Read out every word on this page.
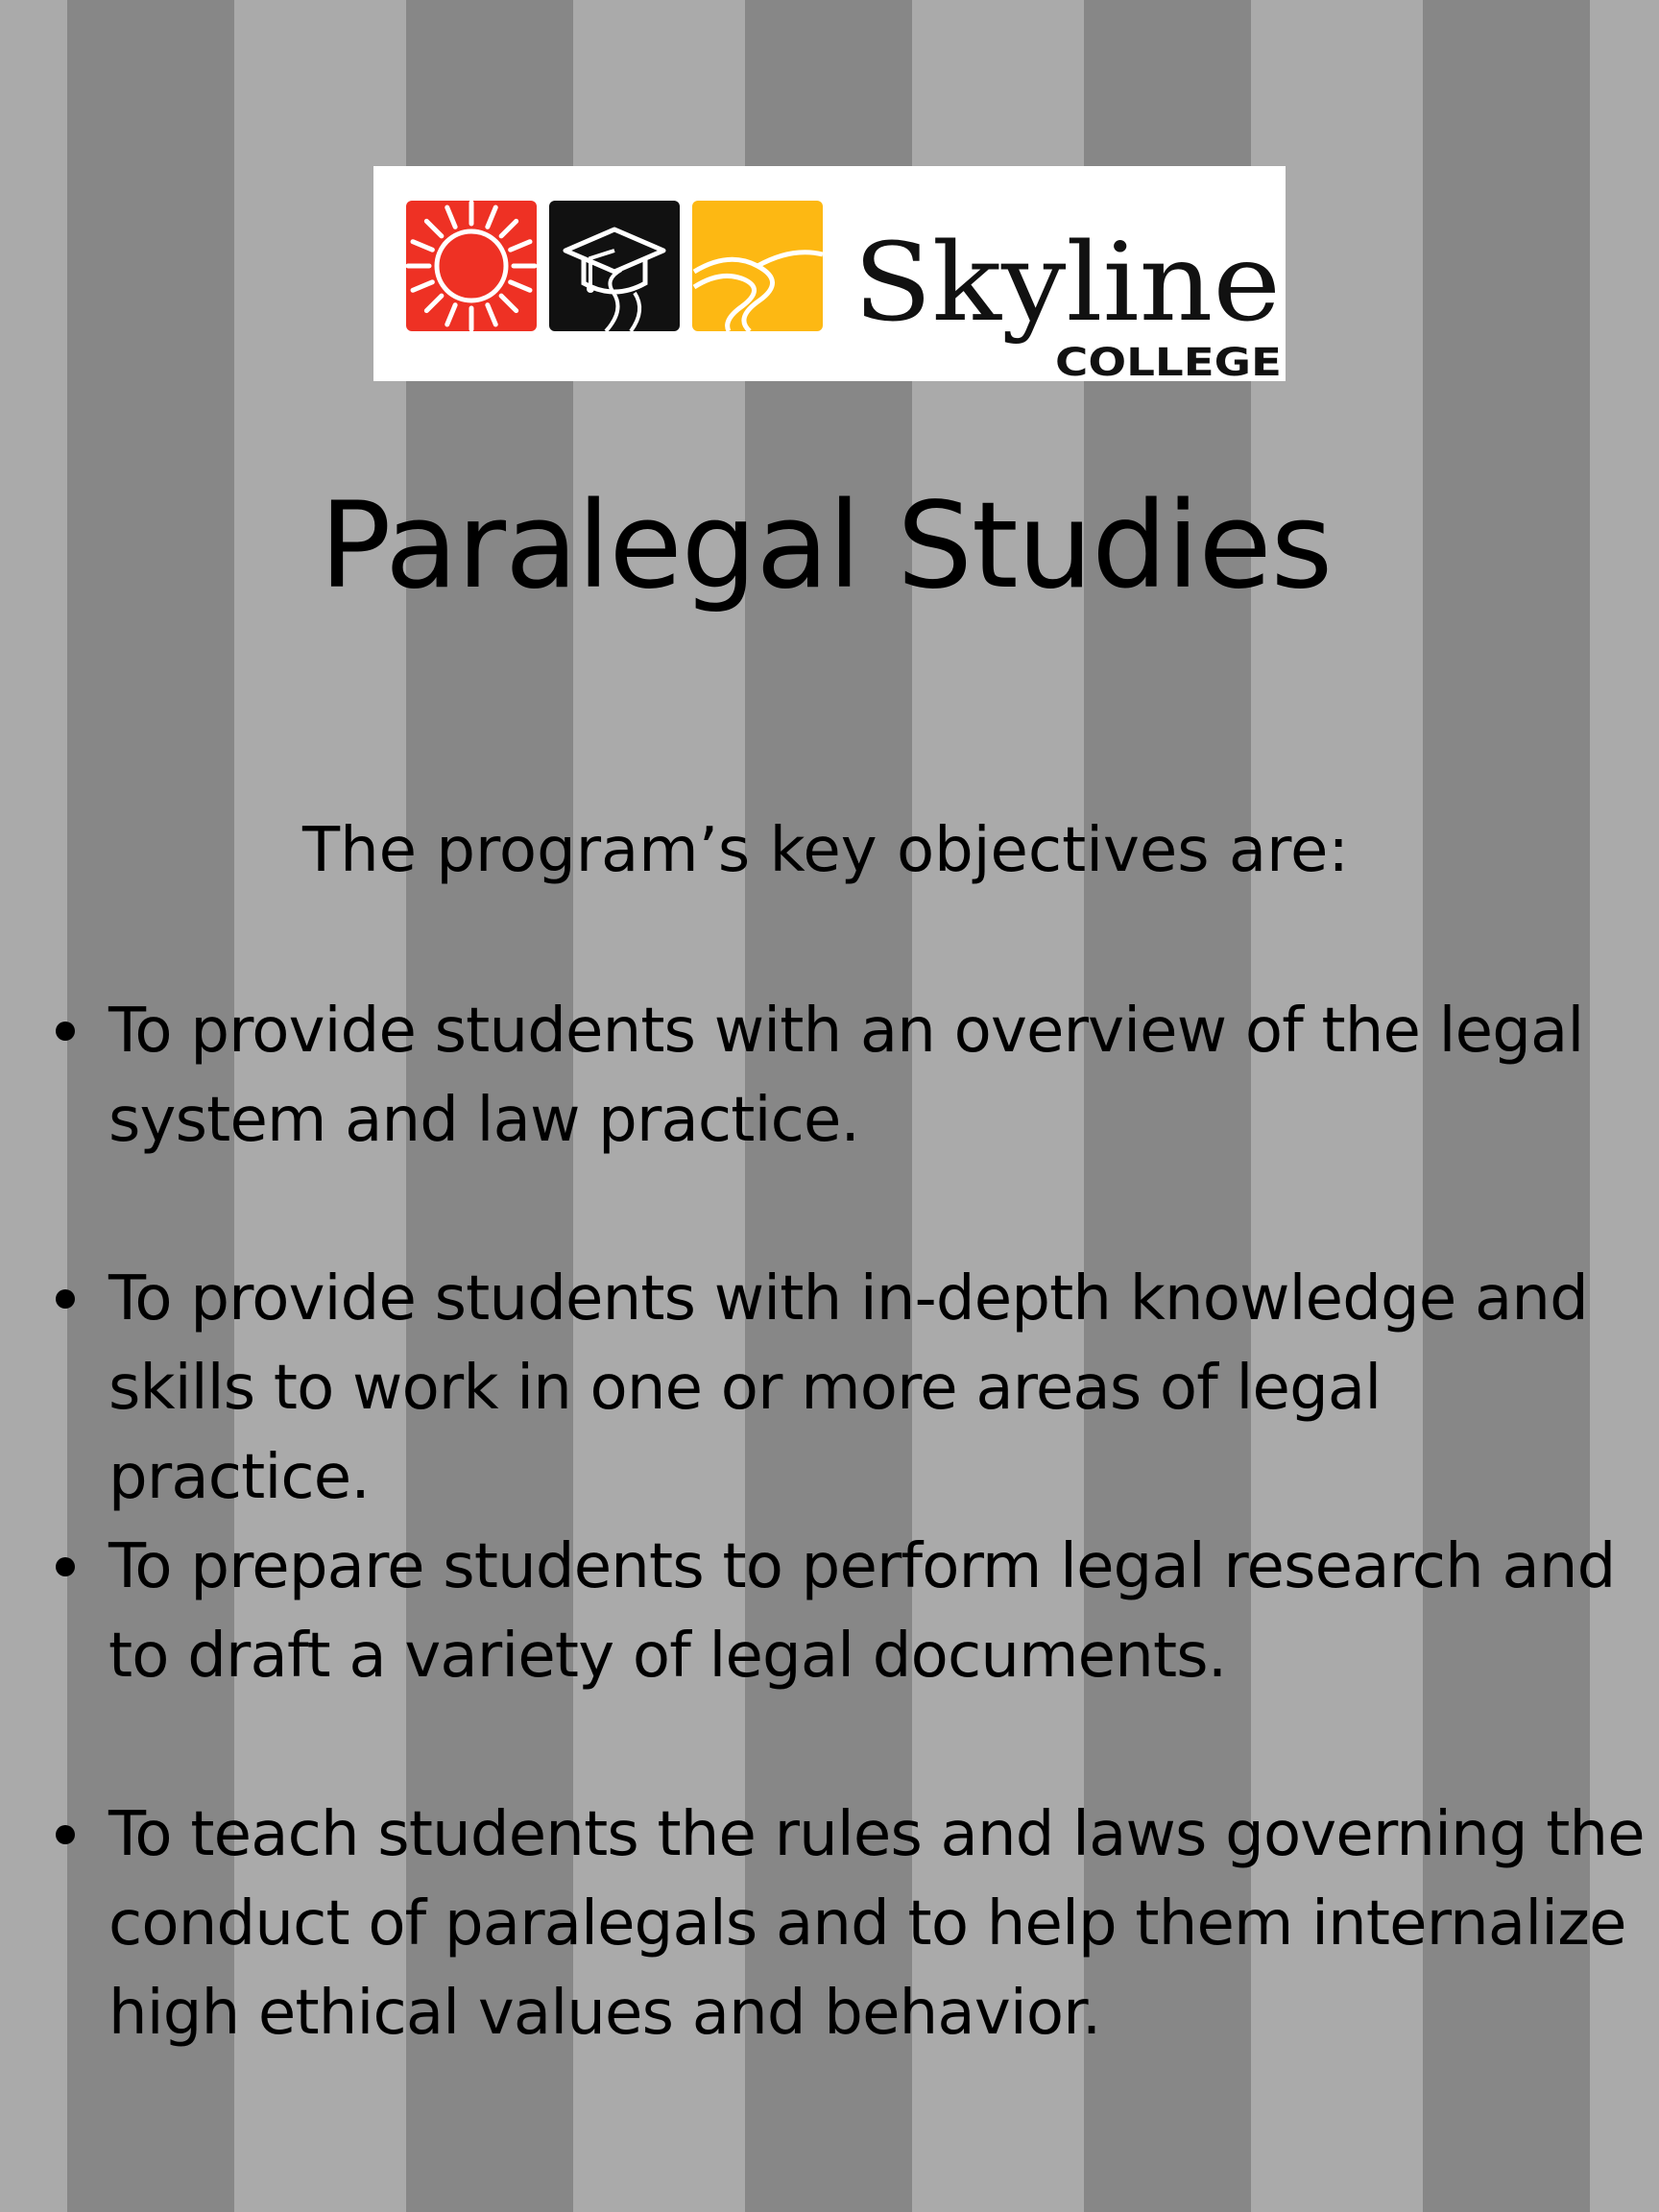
Skyline
COLLEGE
Paralegal Studies
The program’s key objectives are:
To provide students with an overview of the legal
system and law practice.
To provide students with in-depth knowledge and
skills to work in one or more areas of legal practice.
To prepare students to perform legal research and
to draft a variety of legal documents.
To teach students the rules and laws governing the
conduct of paralegals and to help them internalize
high ethical values and behavior.
